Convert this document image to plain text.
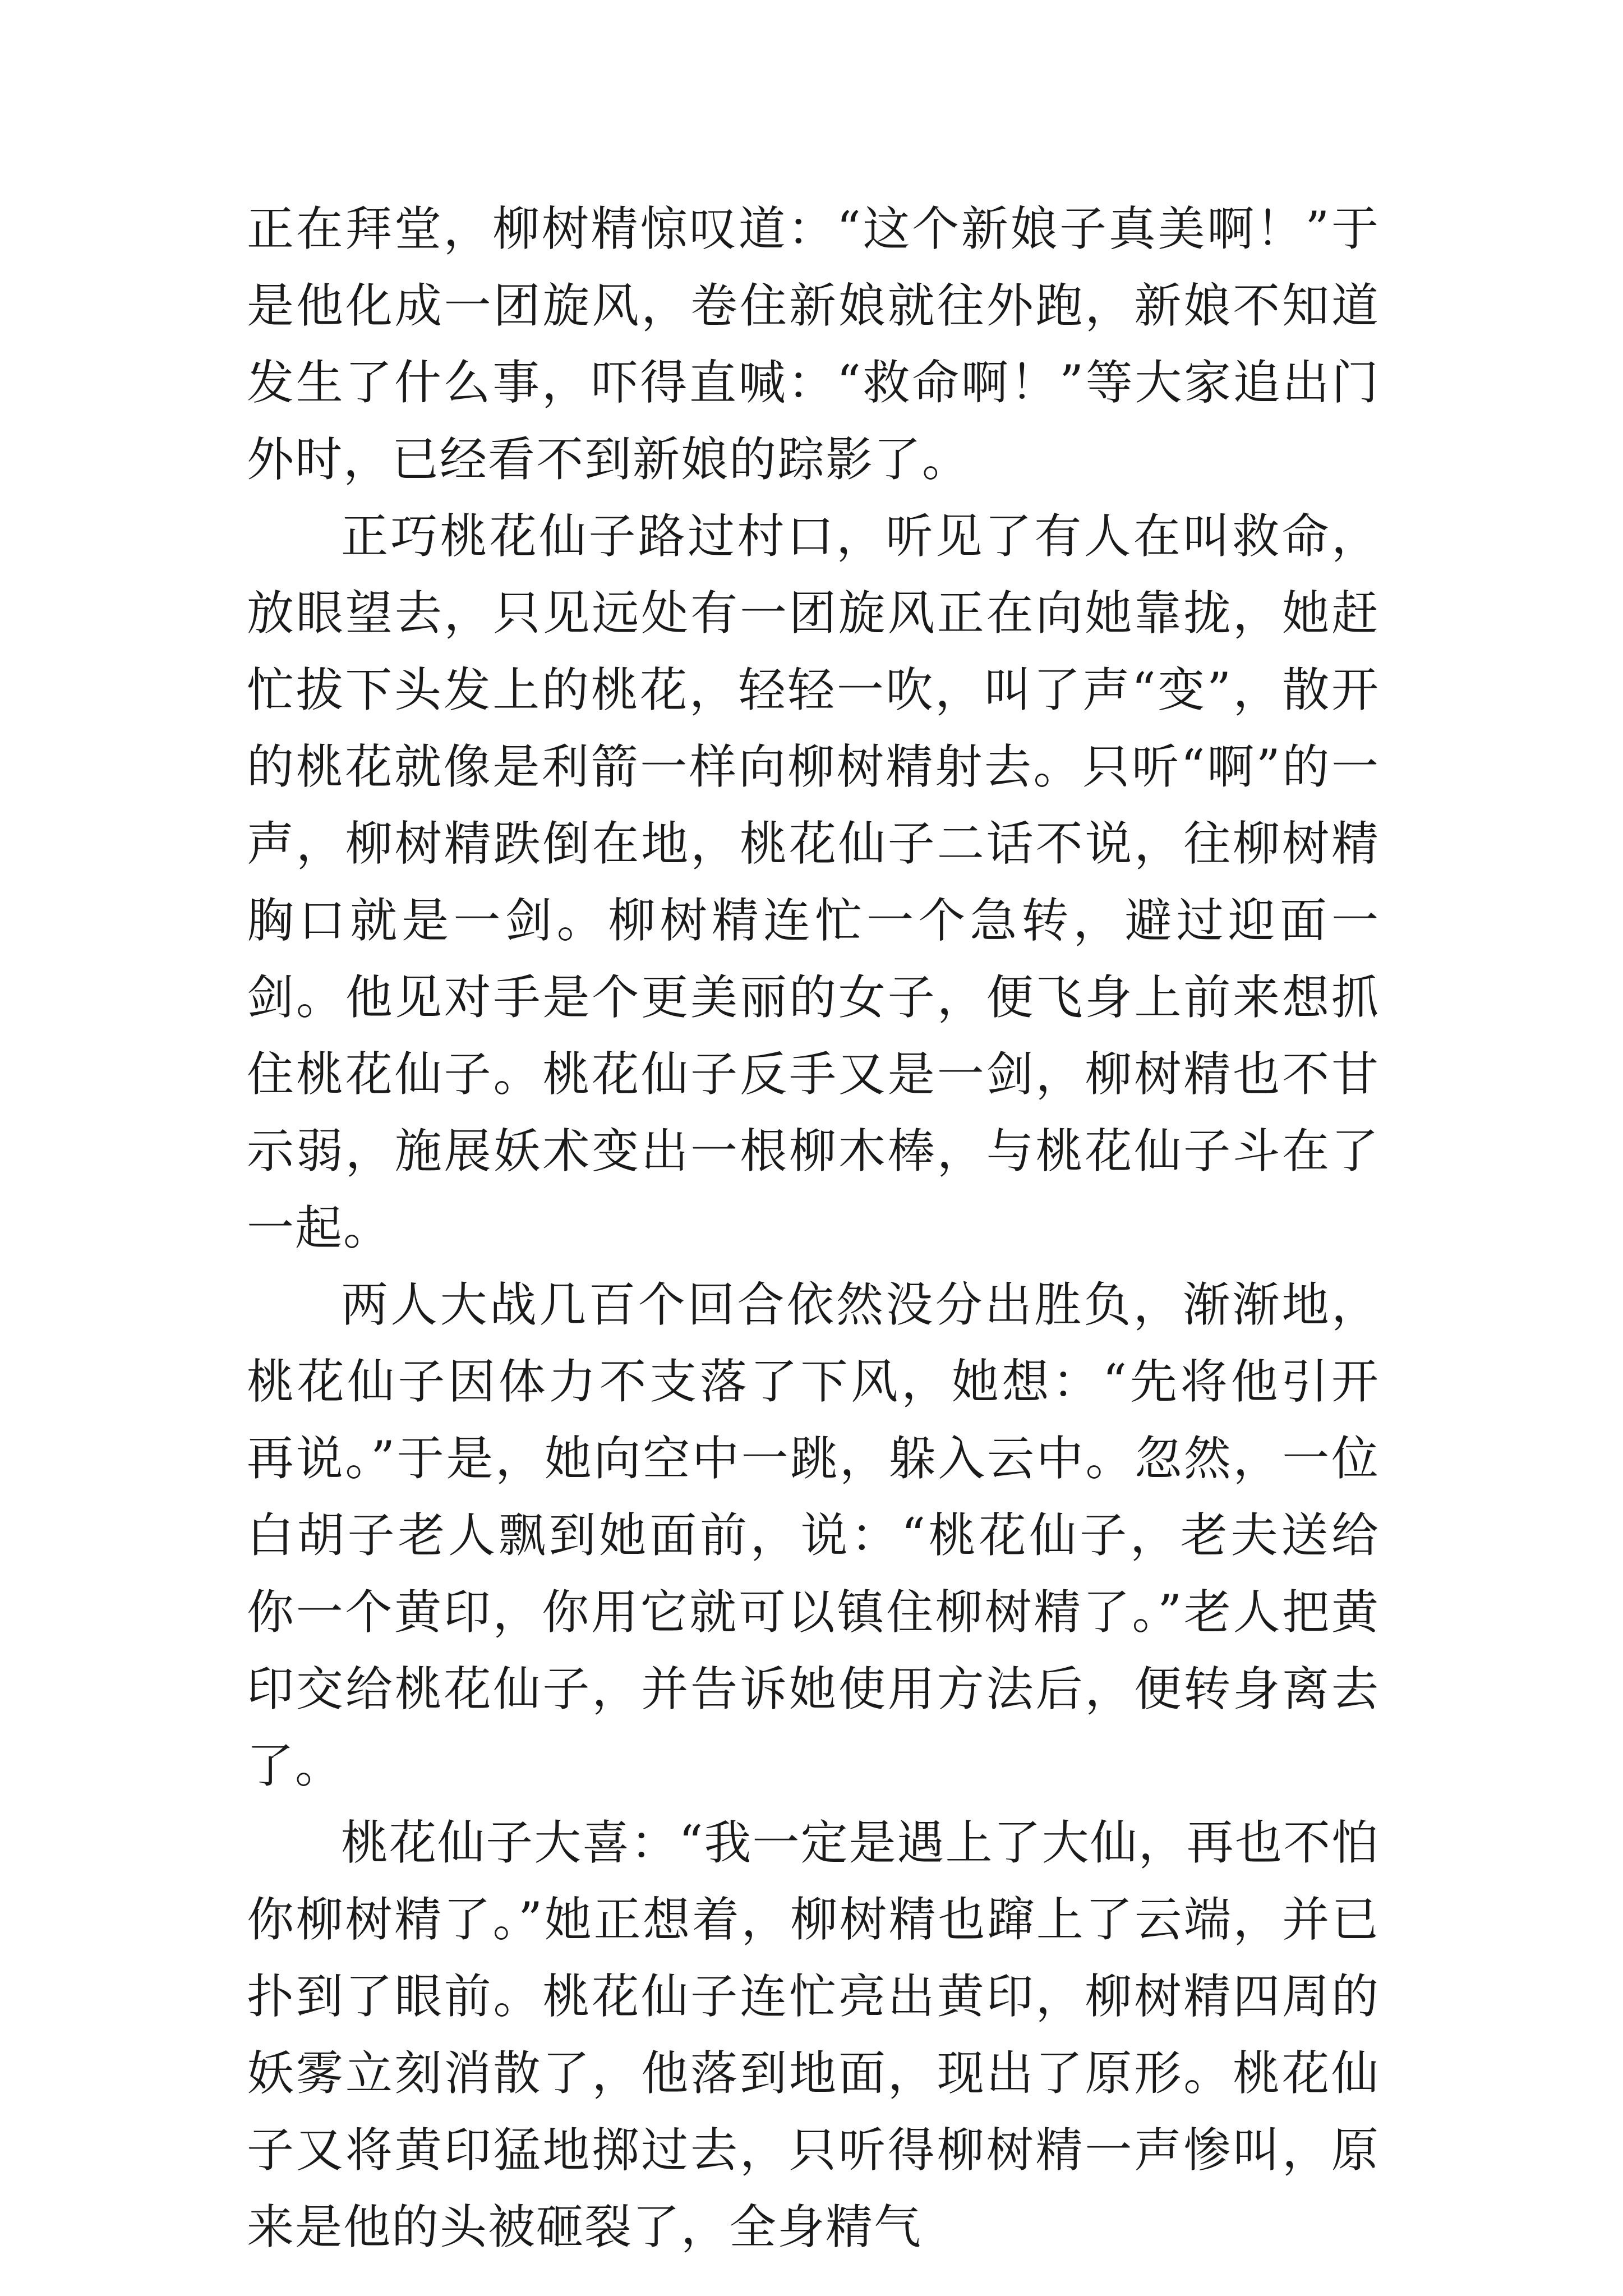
正在拜堂，柳树精惊叹道：“这个新娘子真美啊！”于是他化成一团旋风，卷住新娘就往外跑，新娘不知道发生了什么事，吓得直喊：“救命啊！”等大家追出门外时，已经看不到新娘的踪影了。

正巧桃花仙子路过村口，听见了有人在叫救命，放眼望去，只见远处有一团旋风正在向她靠拢，她赶忙拔下头发上的桃花，轻轻一吹，叫了声“变”，散开的桃花就像是利箭一样向柳树精射去。只听“啊”的一声，柳树精跌倒在地，桃花仙子二话不说，往柳树精胸口就是一剑。柳树精连忙一个急转，避过迎面一剑。他见对手是个更美丽的女子，便飞身上前来想抓住桃花仙子。桃花仙子反手又是一剑，柳树精也不甘示弱，施展妖术变出一根柳木棒，与桃花仙子斗在了一起。

两人大战几百个回合依然没分出胜负，渐渐地，桃花仙子因体力不支落了下风，她想：“先将他引开再说。”于是，她向空中一跳，躲入云中。忽然，一位白胡子老人飘到她面前，说：“桃花仙子，老夫送给你一个黄印，你用它就可以镇住柳树精了。”老人把黄印交给桃花仙子，并告诉她使用方法后，便转身离去了。

桃花仙子大喜：“我一定是遇上了大仙，再也不怕你柳树精了。”她正想着，柳树精也蹿上了云端，并已扑到了眼前。桃花仙子连忙亮出黄印，柳树精四周的妖雾立刻消散了，他落到地面，现出了原形。桃花仙子又将黄印猛地掷过去，只听得柳树精一声惨叫，原来是他的头被砸裂了，全身精气
